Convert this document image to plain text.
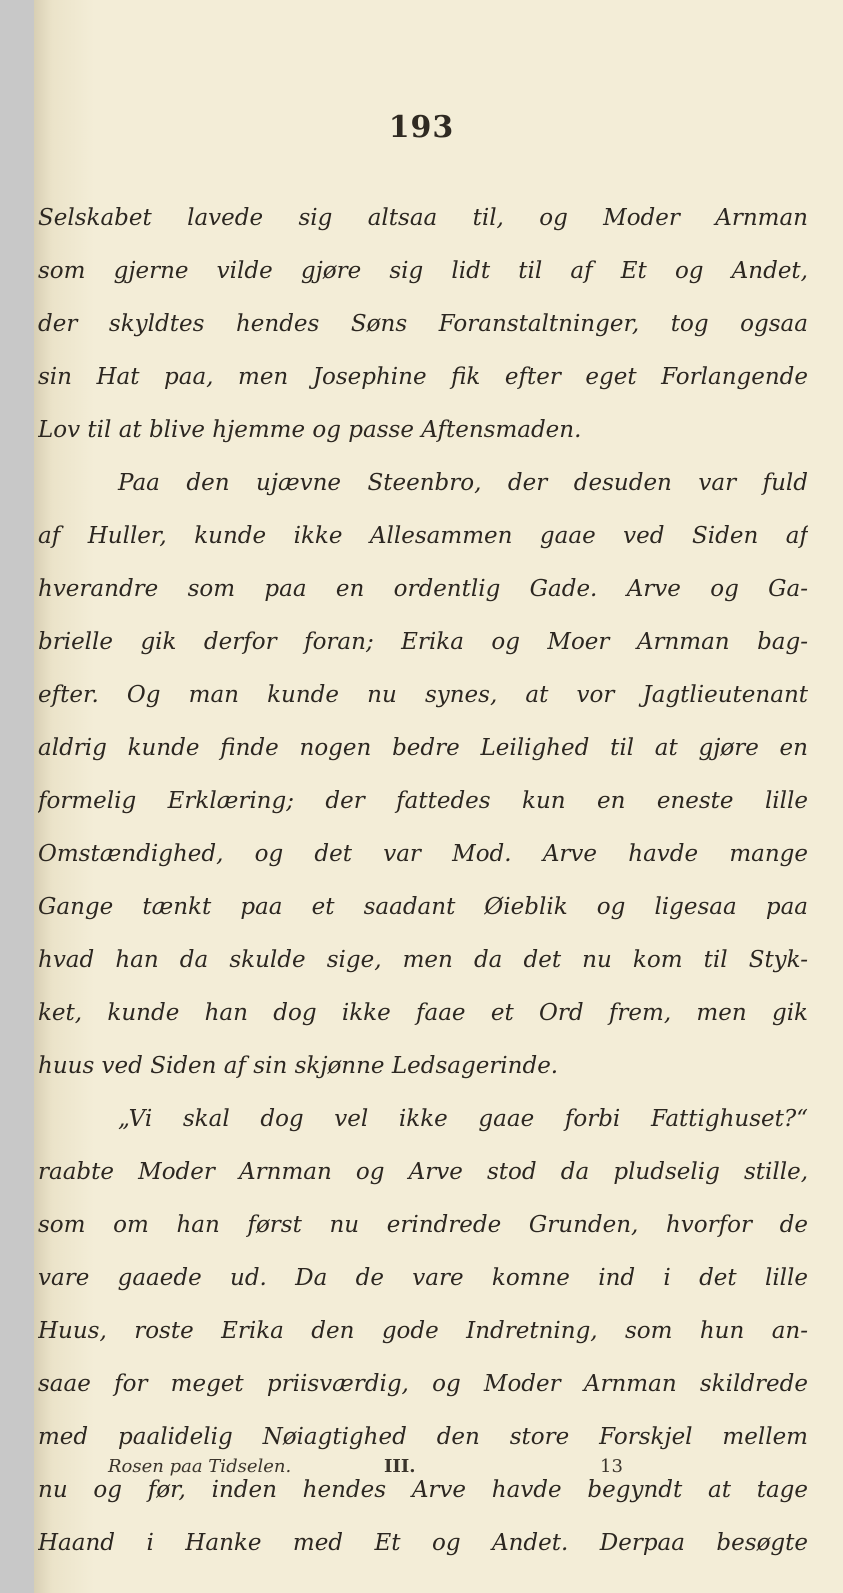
193
Selskabet lavede sig altsaa til, og Moder Arnman
som gjerne vilde gjøre sig lidt til af Et og Andet,
der skyldtes hendes Søns Foranstaltninger, tog ogsaa
sin Hat paa, men Josephine fik efter eget Forlangende
Lov til at blive hjemme og passe Aftensmaden.
Paa den ujævne Steenbro, der desuden var fuld
af Huller, kunde ikke Allesammen gaae ved Siden af
hverandre som paa en ordentlig Gade. Arve og Ga-
brielle gik derfor foran; Erika og Moer Arnman bag-
efter. Og man kunde nu synes, at vor Jagtlieutenant
aldrig kunde finde nogen bedre Leilighed til at gjøre en
formelig Erklæring; der fattedes kun en eneste lille
Omstændighed, og det var Mod. Arve havde mange
Gange tænkt paa et saadant Øieblik og ligesaa paa
hvad han da skulde sige, men da det nu kom til Styk-
ket, kunde han dog ikke faae et Ord frem, men gik
huus ved Siden af sin skjønne Ledsagerinde.
„Vi skal dog vel ikke gaae forbi Fattighuset?“
raabte Moder Arnman og Arve stod da pludselig stille,
som om han først nu erindrede Grunden, hvorfor de
vare gaaede ud. Da de vare komne ind i det lille
Huus, roste Erika den gode Indretning, som hun an-
saae for meget priisværdig, og Moder Arnman skildrede
med paalidelig Nøiagtighed den store Forskjel mellem
nu og før, inden hendes Arve havde begyndt at tage
Haand i Hanke med Et og Andet. Derpaa besøgte
Rosen paa Tidselen.	III.	13
